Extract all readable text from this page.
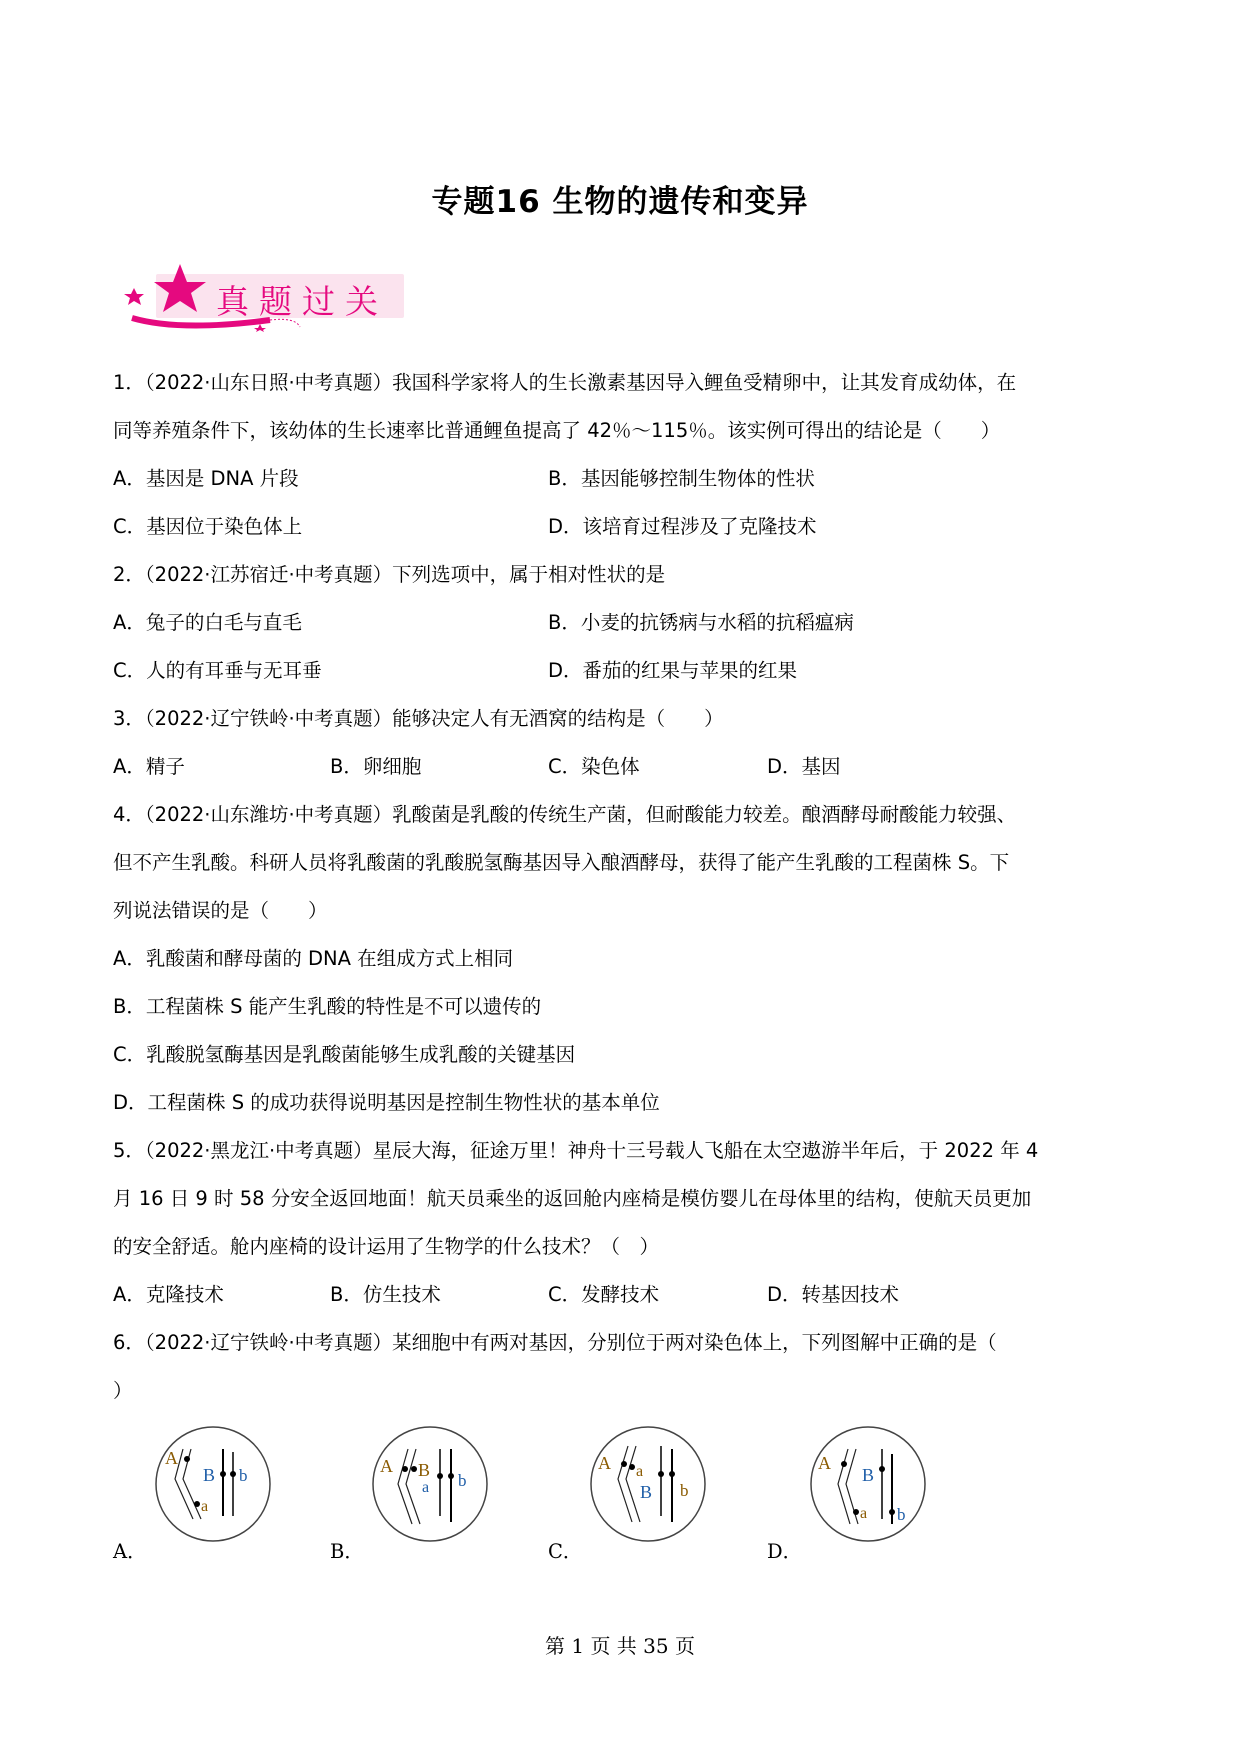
专题16 生物的遗传和变异
真题过关
1．（2022·山东日照·中考真题）我国科学家将人的生长激素基因导入鲤鱼受精卵中，让其发育成幼体，在
同等养殖条件下，该幼体的生长速率比普通鲤鱼提高了 42％～115％。该实例可得出的结论是（　　）
A．基因是 DNA 片段	B．基因能够控制生物体的性状
C．基因位于染色体上	D．该培育过程涉及了克隆技术
2．（2022·江苏宿迁·中考真题）下列选项中，属于相对性状的是
A．兔子的白毛与直毛	B．小麦的抗锈病与水稻的抗稻瘟病
C．人的有耳垂与无耳垂	D．番茄的红果与苹果的红果
3．（2022·辽宁铁岭·中考真题）能够决定人有无酒窝的结构是（　　）
A．精子	B．卵细胞	C．染色体	D．基因
4．（2022·山东潍坊·中考真题）乳酸菌是乳酸的传统生产菌，但耐酸能力较差。酿酒酵母耐酸能力较强、
但不产生乳酸。科研人员将乳酸菌的乳酸脱氢酶基因导入酿酒酵母，获得了能产生乳酸的工程菌株 S。下
列说法错误的是（　　）
A．乳酸菌和酵母菌的 DNA 在组成方式上相同
B．工程菌株 S 能产生乳酸的特性是不可以遗传的
C．乳酸脱氢酶基因是乳酸菌能够生成乳酸的关键基因
D．工程菌株 S 的成功获得说明基因是控制生物性状的基本单位
5．（2022·黑龙江·中考真题）星辰大海，征途万里！神舟十三号载人飞船在太空遨游半年后，于 2022 年 4
月 16 日 9 时 58 分安全返回地面！航天员乘坐的返回舱内座椅是模仿婴儿在母体里的结构，使航天员更加
的安全舒适。舱内座椅的设计运用了生物学的什么技术？（　）
A．克隆技术	B．仿生技术	C．发酵技术	D．转基因技术
6．（2022·辽宁铁岭·中考真题）某细胞中有两对基因，分别位于两对染色体上，下列图解中正确的是（
）
A
B
a
b
A．
A B
a b
B．
A a
B b
C．
A
B
a b
D．
第 1 页 共 35 页
